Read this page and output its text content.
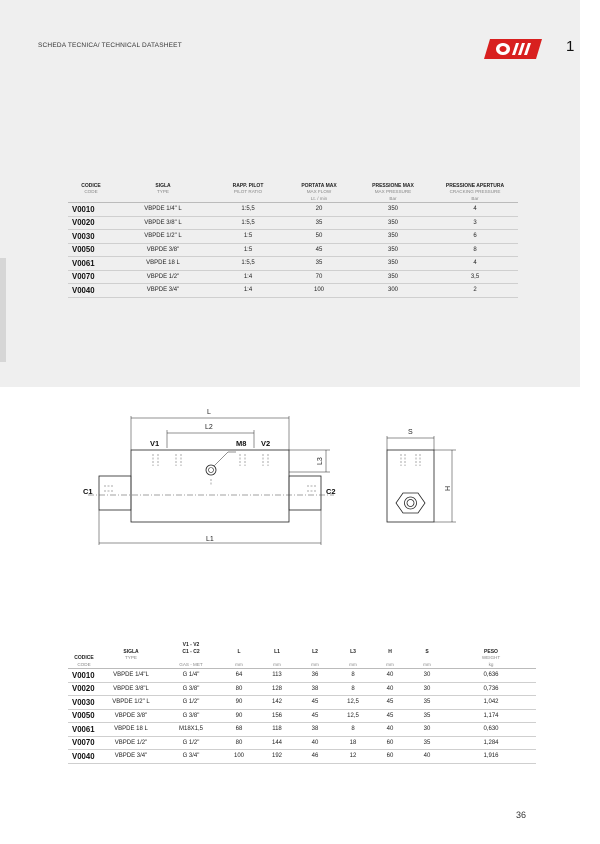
SCHEDA TECNICA/ TECHNICAL DATASHEET	1
CODICE
CODE	SIGLA
TYPE	RAPP. PILOT
PILOT RATIO	PORTATA MAX
MAX FLOW
Lt. / min	PRESSIONE MAX
MAX PRESSURE
Bar	PRESSIONE APERTURA
CRACKING PRESSURE
Bar

V0010	VBPDE 1/4" L	1:5,5	20	350	4
V0020	VBPDE 3/8" L	1:5,5	35	350	3
V0030	VBPDE 1/2" L	1:5	50	350	6
V0050	VBPDE 3/8"	1:5	45	350	8
V0061	VBPDE 18 L	1:5,5	35	350	4
V0070	VBPDE 1/2"	1:4	70	350	3,5
V0040	VBPDE 3/4"	1:4	100	300	2
L
L2
L1
L3
M8
V1	V2
C1	C2
S
H
CODICE
CODE	SIGLA
TYPE	V1 - V2
C1 - C2

GAS - MET	L

mm	L1

mm	L2

mm	L3

mm	H

mm	S

mm	PESO
WEIGHT
kg

V0010	VBPDE 1/4"L	G 1/4"	64	113	36	8	40	30	0,636
V0020	VBPDE 3/8"L	G 3/8"	80	128	38	8	40	30	0,736
V0030	VBPDE 1/2" L	G 1/2"	90	142	45	12,5	45	35	1,042
V0050	VBPDE 3/8"	G 3/8"	90	156	45	12,5	45	35	1,174
V0061	VBPDE 18 L	M18X1,5	68	118	38	8	40	30	0,630
V0070	VBPDE 1/2"	G 1/2"	80	144	40	18	60	35	1,284
V0040	VBPDE 3/4"	G 3/4"	100	192	46	12	60	40	1,916
36
